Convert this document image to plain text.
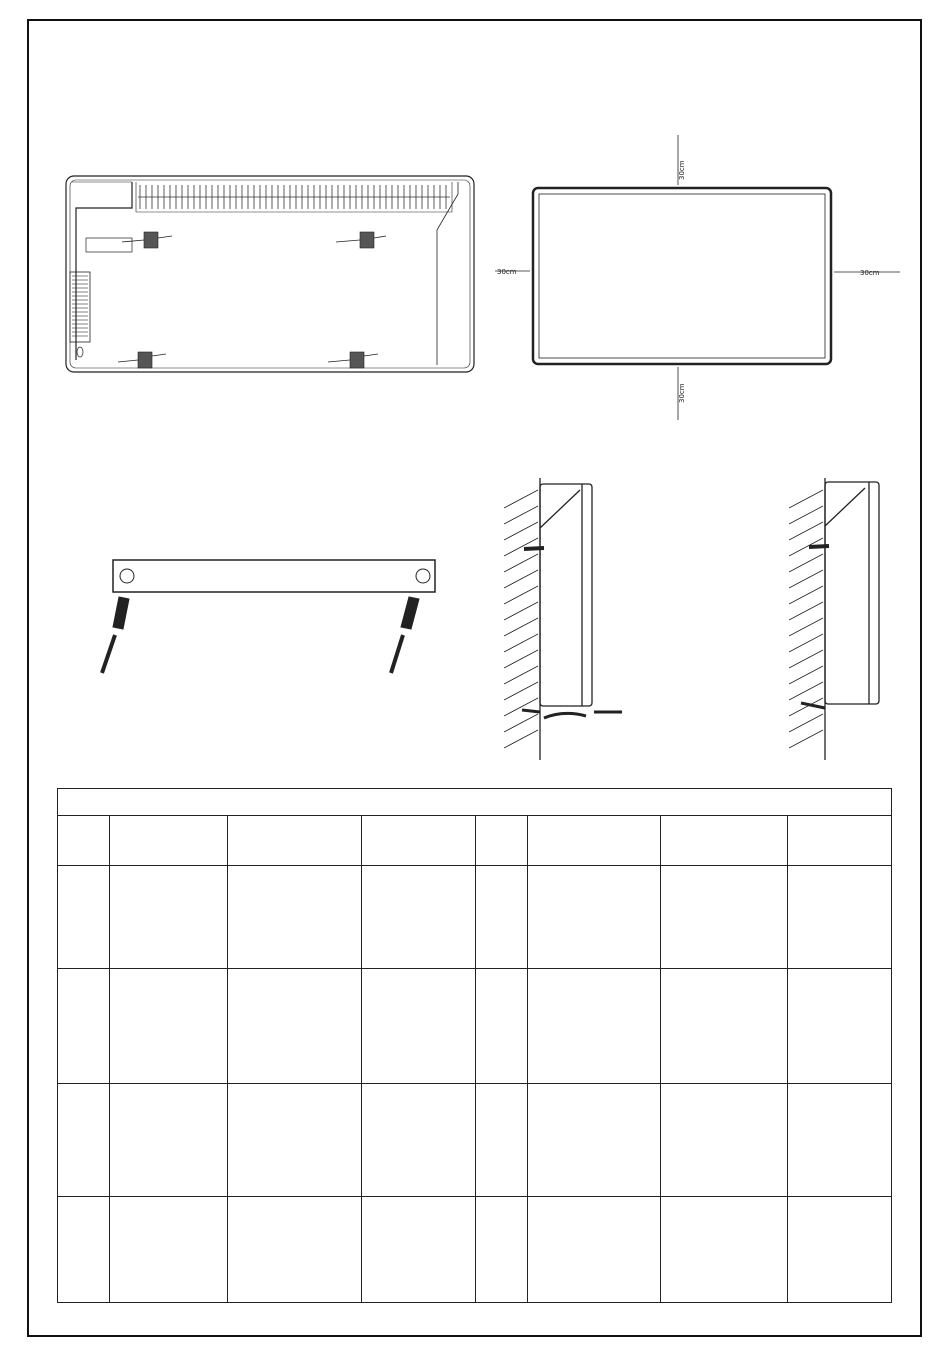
30cm
30cm
30cm	30cm
